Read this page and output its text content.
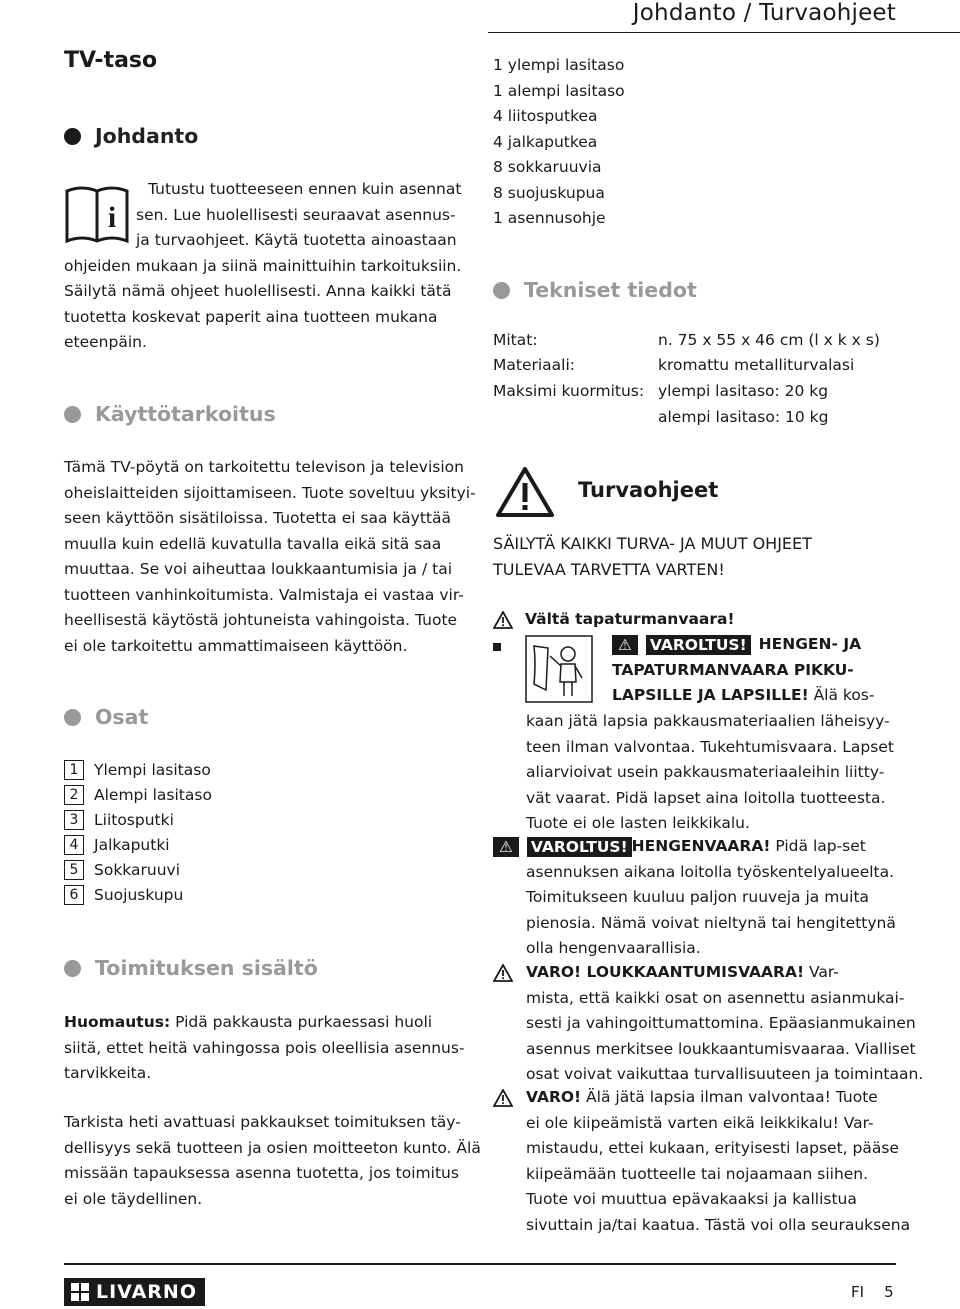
Johdanto / Turvaohjeet
TV-taso
Johdanto
i
Tutustu tuotteeseen ennen kuin asennat
sen. Lue huolellisesti seuraavat asennus-
ja turvaohjeet. Käytä tuotetta ainoastaan
ohjeiden mukaan ja siinä mainittuihin tarkoituksiin.
Säilytä nämä ohjeet huolellisesti. Anna kaikki tätä
tuotetta koskevat paperit aina tuotteen mukana
eteenpäin.
Käyttötarkoitus
Tämä TV-pöytä on tarkoitettu televison ja television
oheislaitteiden sijoittamiseen. Tuote soveltuu yksityi-
seen käyttöön sisätiloissa. Tuotetta ei saa käyttää
muulla kuin edellä kuvatulla tavalla eikä sitä saa
muuttaa. Se voi aiheuttaa loukkaantumisia ja / tai
tuotteen vanhinkoitumista. Valmistaja ei vastaa vir-
heellisestä käytöstä johtuneista vahingoista. Tuote
ei ole tarkoitettu ammattimaiseen käyttöön.
Osat
1	Ylempi lasitaso
2	Alempi lasitaso
3	Liitosputki
4	Jalkaputki
5	Sokkaruuvi
6	Suojuskupu
Toimituksen sisältö
Huomautus: Pidä pakkausta purkaessasi huoli
siitä, ettet heitä vahingossa pois oleellisia asennus-
tarvikkeita.
Tarkista heti avattuasi pakkaukset toimituksen täy-
dellisyys sekä tuotteen ja osien moitteeton kunto. Älä
missään tapauksessa asenna tuotetta, jos toimitus
ei ole täydellinen.
1 ylempi lasitaso
1 alempi lasitaso
4 liitosputkea
4 jalkaputkea
8 sokkaruuvia
8 suojuskupua
1 asennusohje
Tekniset tiedot
Mitat:	n. 75 x 55 x 46 cm (l x k x s)
Materiaali:	kromattu metalliturvalasi
Maksimi kuormitus: ylempi lasitaso: 20 kg
alempi lasitaso: 10 kg
Turvaohjeet
SÄILYTÄ KAIKKI TURVA- JA MUUT OHJEET
TULEVAA TARVETTA VARTEN!
Vältä tapaturmanvaara!
⚠	VAROLTUS! HENGEN- JA
TAPATURMANVAARA PIKKU-
LAPSILLE JA LAPSILLE! Älä kos-
kaan jätä lapsia pakkausmateriaalien läheisyy-
teen ilman valvontaa. Tukehtumisvaara. Lapset
aliarvioivat usein pakkausmateriaaleihin liitty-
vät vaarat. Pidä lapset aina loitolla tuotteesta.
Tuote ei ole lasten leikkikalu.
⚠	VAROLTUS! HENGENVAARA! Pidä lap-set
asennuksen aikana loitolla työskentelyalueelta.
Toimitukseen kuuluu paljon ruuveja ja muita
pienosia. Nämä voivat nieltynä tai hengitettynä
olla hengenvaarallisia.
VARO! LOUKKAANTUMISVAARA! Var-
mista, että kaikki osat on asennettu asianmukai-
sesti ja vahingoittumattomina. Epäasianmukainen
asennus merkitsee loukkaantumisvaaraa. Vialliset
osat voivat vaikuttaa turvallisuuteen ja toimintaan.
VARO! Älä jätä lapsia ilman valvontaa! Tuote
ei ole kiipeämistä varten eikä leikkikalu! Var-
mistaudu, ettei kukaan, erityisesti lapset, pääse
kiipeämään tuotteelle tai nojaamaan siihen.
Tuote voi muuttua epävakaaksi ja kallistua
sivuttain ja/tai kaatua. Tästä voi olla seurauksena
LIVARNO	FI 5
